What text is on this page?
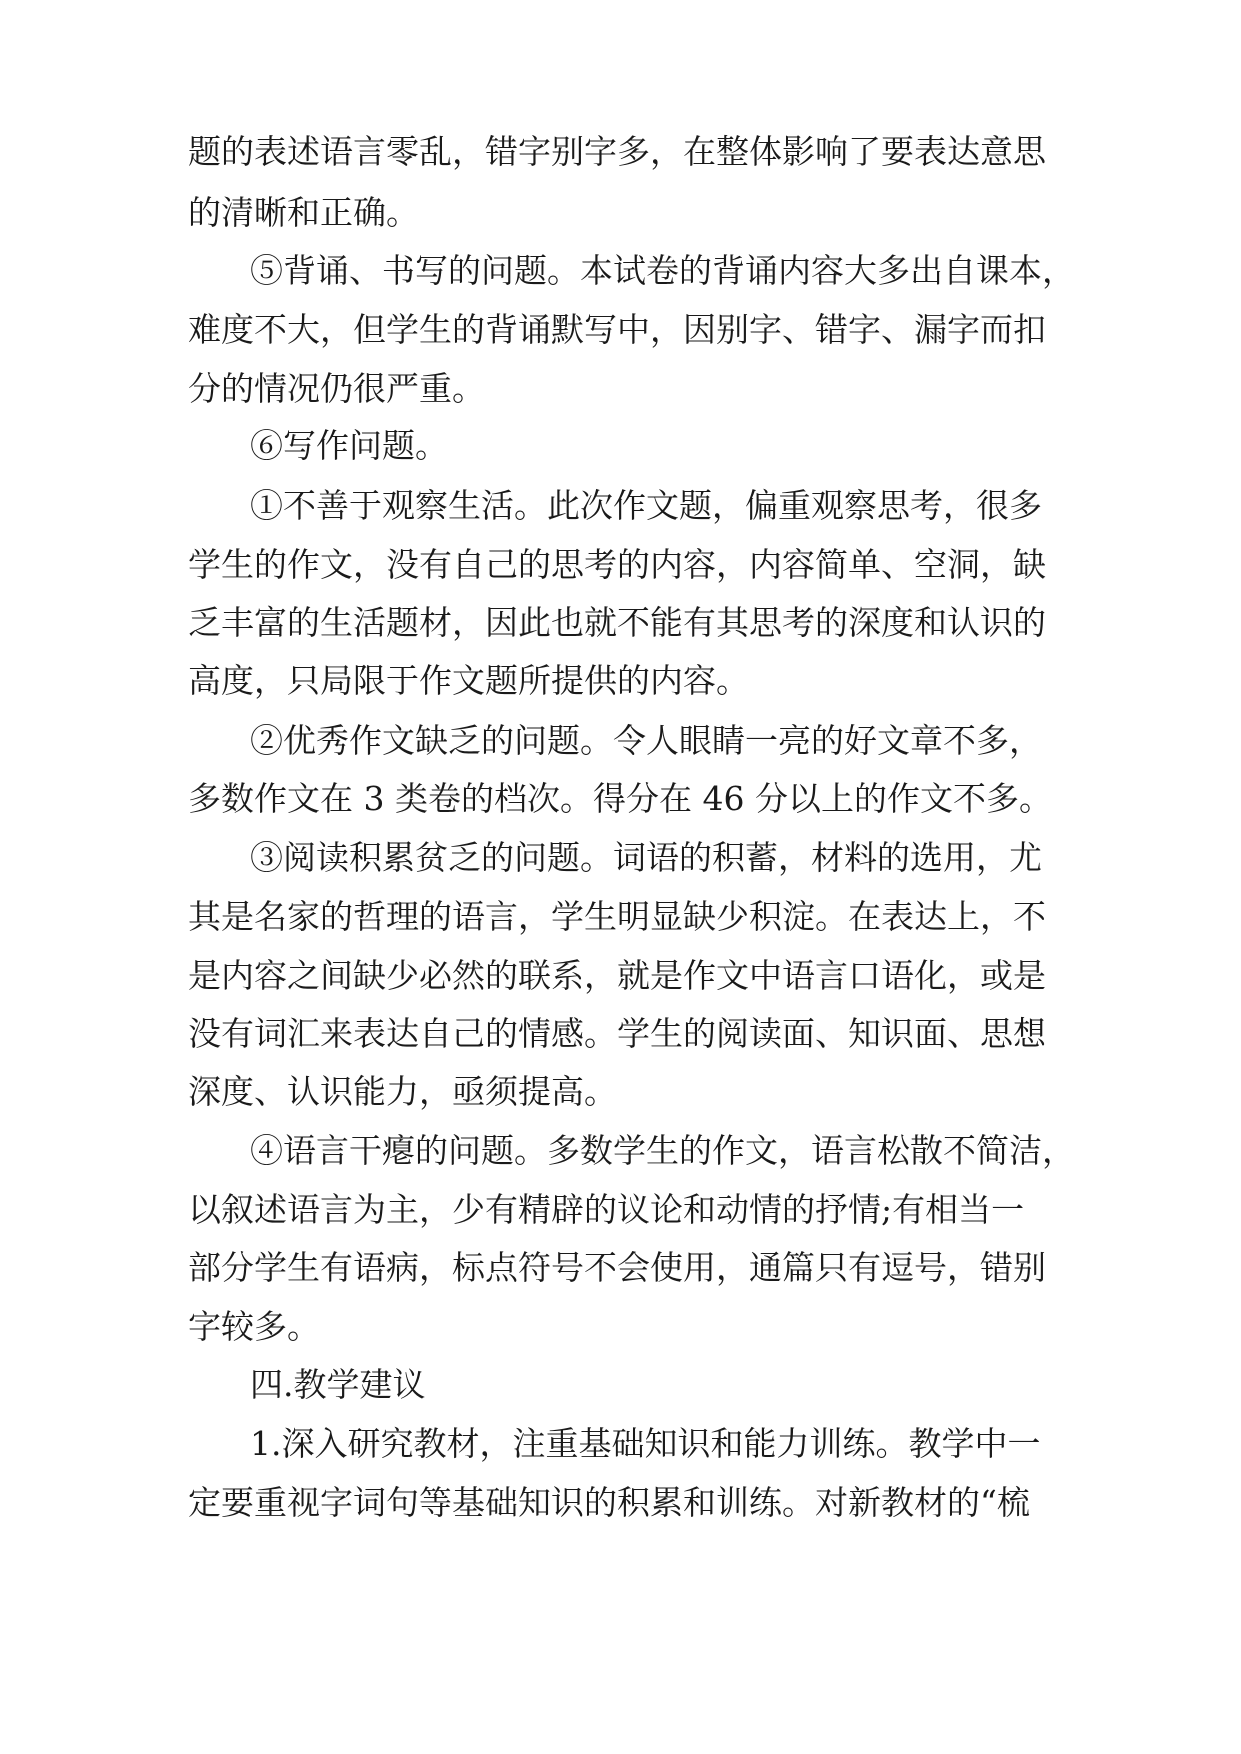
题的表述语言零乱，错字别字多，在整体影响了要表达意思
的清晰和正确。
⑤背诵、书写的问题。本试卷的背诵内容大多出自课本，
难度不大，但学生的背诵默写中，因别字、错字、漏字而扣
分的情况仍很严重。
⑥写作问题。
①不善于观察生活。此次作文题，偏重观察思考，很多
学生的作文，没有自己的思考的内容，内容简单、空洞，缺
乏丰富的生活题材，因此也就不能有其思考的深度和认识的
高度，只局限于作文题所提供的内容。
②优秀作文缺乏的问题。令人眼睛一亮的好文章不多，
多数作文在 3 类卷的档次。得分在 46 分以上的作文不多。
③阅读积累贫乏的问题。词语的积蓄，材料的选用，尤
其是名家的哲理的语言，学生明显缺少积淀。在表达上，不
是内容之间缺少必然的联系，就是作文中语言口语化，或是
没有词汇来表达自己的情感。学生的阅读面、知识面、思想
深度、认识能力，亟须提高。
④语言干瘪的问题。多数学生的作文，语言松散不简洁，
以叙述语言为主，少有精辟的议论和动情的抒情;有相当一
部分学生有语病，标点符号不会使用，通篇只有逗号，错别
字较多。
四.教学建议
1.深入研究教材，注重基础知识和能力训练。教学中一
定要重视字词句等基础知识的积累和训练。对新教材的“梳
